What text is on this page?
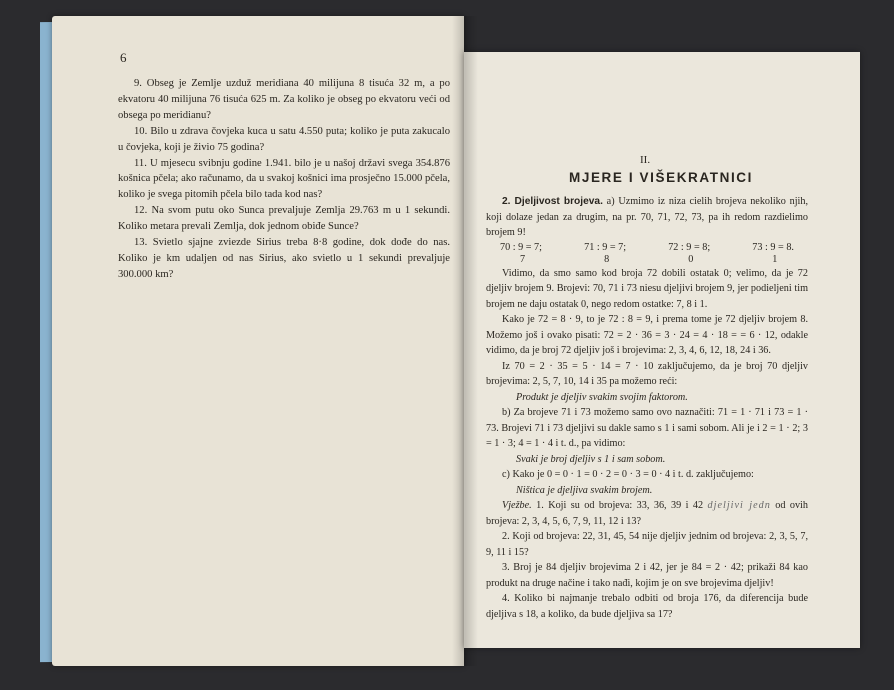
6

9. Obseg je Zemlje uzduž meridiana 40 milijuna 8 tisuća 32 m, a po ekvatoru 40 milijuna 76 tisuća 625 m. Za koliko je obseg po ekvatoru veći od obsega po meridianu?

10. Bilo u zdrava čovjeka kuca u satu 4.550 puta; koliko je puta zakucalo u čovjeka, koji je živio 75 godina?

11. U mjesecu svibnju godine 1.941. bilo je u našoj državi svega 354.876 košnica pčela; ako računamo, da u svakoj košnici ima prosječno 15.000 pčela, koliko je svega pitomih pčela bilo tada kod nas?

12. Na svom putu oko Sunca prevaljuje Zemlja 29.763 m u 1 sekundi. Koliko metara prevali Zemlja, dok jednom obiđe Sunce?

13. Svietlo sjajne zviezde Sirius treba 8·8 godine, dok dođe do nas. Koliko je km udaljen od nas Sirius, ako svietlo u 1 sekundi prevaljuje 300.000 km?

II.
MJERE I VIŠEKRATNICI

2. Djeljivost brojeva. a) Uzmimo iz niza cielih brojeva nekoliko njih, koji dolaze jedan za drugim, na pr. 70, 71, 72, 73, pa ih redom razdielimo brojem 9!

70 : 9 = 7;
7
71 : 9 = 7;
8
72 : 9 = 8;
0
73 : 9 = 8.
1

Vidimo, da smo samo kod broja 72 dobili ostatak 0; velimo, da je 72 djeljiv brojem 9. Brojevi: 70, 71 i 73 niesu djeljivi brojem 9, jer podieljeni tim brojem ne daju ostatak 0, nego redom ostatke: 7, 8 i 1.

Kako je 72 = 8 · 9, to je 72 : 8 = 9, i prema tome je 72 djeljiv brojem 8. Možemo još i ovako pisati: 72 = 2 · 36 = 3 · 24 = 4 · 18 = = 6 · 12, odakle vidimo, da je broj 72 djeljiv još i brojevima: 2, 3, 4, 6, 12, 18, 24 i 36.

Iz 70 = 2 · 35 = 5 · 14 = 7 · 10 zaključujemo, da je broj 70 djeljiv brojevima: 2, 5, 7, 10, 14 i 35 pa možemo reći:

Produkt je djeljiv svakim svojim faktorom.

b) Za brojeve 71 i 73 možemo samo ovo naznačiti: 71 = 1 · 71 i 73 = 1 · 73. Brojevi 71 i 73 djeljivi su dakle samo s 1 i sami sobom. Ali je i 2 = 1 · 2; 3 = 1 · 3; 4 = 1 · 4 i t. d., pa vidimo:

Svaki je broj djeljiv s 1 i sam sobom.

c) Kako je 0 = 0 · 1 = 0 · 2 = 0 · 3 = 0 · 4 i t. d. zaključujemo:

Ništica je djeljiva svakim brojem.

Vježbe. 1. Koji su od brojeva: 33, 36, 39 i 42 djeljivi jedn od ovih brojeva: 2, 3, 4, 5, 6, 7, 9, 11, 12 i 13?

2. Koji od brojeva: 22, 31, 45, 54 nije djeljiv jednim od brojeva: 2, 3, 5, 7, 9, 11 i 15?

3. Broj je 84 djeljiv brojevima 2 i 42, jer je 84 = 2 · 42; prikaži 84 kao produkt na druge načine i tako nađi, kojim je on sve brojevima djeljiv!

4. Koliko bi najmanje trebalo odbiti od broja 176, da diferencija bude djeljiva s 18, a koliko, da bude djeljiva sa 17?
